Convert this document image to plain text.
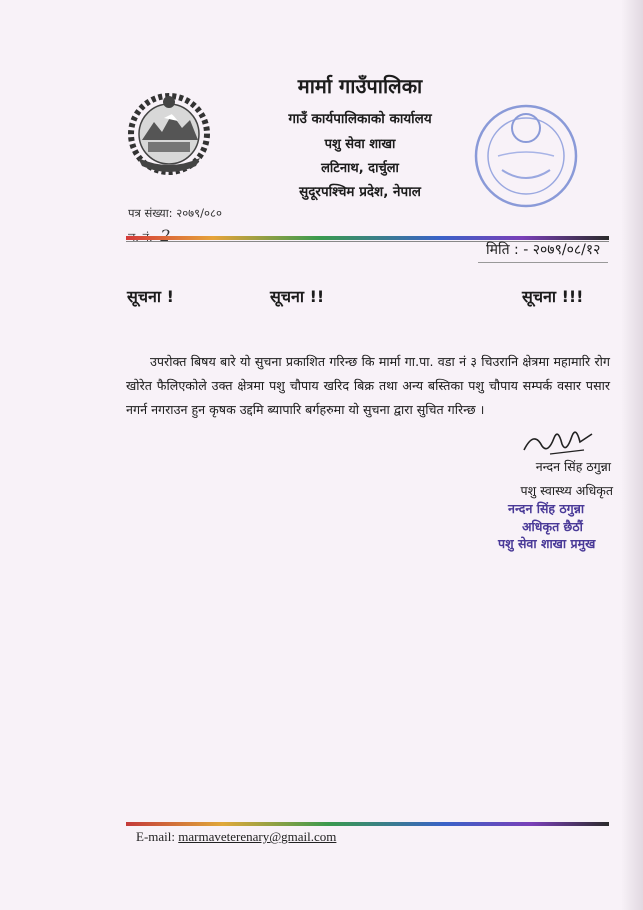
मार्मा गाउँपालिका
गाउँ कार्यपालिकाको कार्यालय
पशु सेवा शाखा
लटिनाथ, दार्चुला
सुदूरपश्चिम प्रदेश, नेपाल
पत्र संख्या: २०७९/०८०
मिति : - २०७९/०८/१२
सूचना !	सूचना !!	सूचना !!!
उपरोक्त बिषय बारे यो सुचना प्रकाशित गरिन्छ कि मार्मा गा.पा. वडा नं ३ चिउरानि क्षेत्रमा महामारि रोग खोरेत फैलिएकोले उक्त क्षेत्रमा पशु चौपाय खरिद बिक्र तथा अन्य बस्तिका पशु चौपाय सम्पर्क वसार पसार नगर्न नगराउन हुन कृषक उद्दमि ब्यापारि बर्गहरुमा यो सुचना द्वारा सुचित गरिन्छ ।
नन्दन सिंह ठगुन्ना
पशु स्वास्थ्य अधिकृत
नन्दन सिंह ठगुन्ना
अधिकृत छैठौं
पशु सेवा शाखा प्रमुख
E-mail: marmaveterenary@gmail.com
